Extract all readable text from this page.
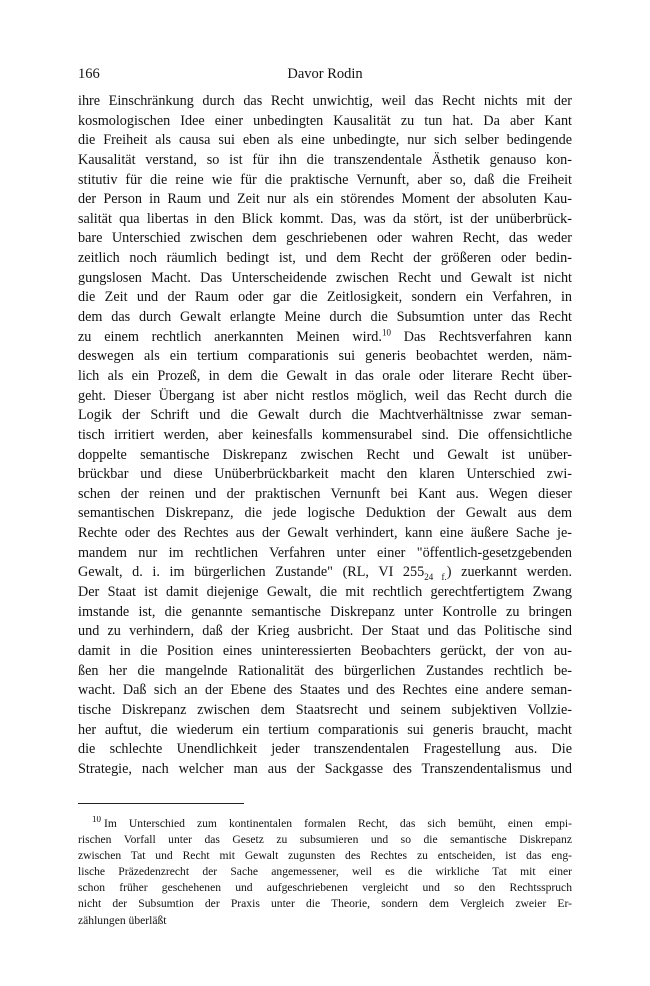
166	Davor Rodin
ihre Einschränkung durch das Recht unwichtig, weil das Recht nichts mit der
kosmologischen Idee einer unbedingten Kausalität zu tun hat. Da aber Kant
die Freiheit als causa sui eben als eine unbedingte, nur sich selber bedingende
Kausalität verstand, so ist für ihn die transzendentale Ästhetik genauso kon-
stitutiv für die reine wie für die praktische Vernunft, aber so, daß die Freiheit
der Person in Raum und Zeit nur als ein störendes Moment der absoluten Kau-
salität qua libertas in den Blick kommt. Das, was da stört, ist der unüberbrück-
bare Unterschied zwischen dem geschriebenen oder wahren Recht, das weder
zeitlich noch räumlich bedingt ist, und dem Recht der größeren oder bedin-
gungslosen Macht. Das Unterscheidende zwischen Recht und Gewalt ist nicht
die Zeit und der Raum oder gar die Zeitlosigkeit, sondern ein Verfahren, in
dem das durch Gewalt erlangte Meine durch die Subsumtion unter das Recht
zu einem rechtlich anerkannten Meinen wird.$^{10}$ Das Rechtsverfahren kann
deswegen als ein tertium comparationis sui generis beobachtet werden, näm-
lich als ein Prozeß, in dem die Gewalt in das orale oder literare Recht über-
geht. Dieser Übergang ist aber nicht restlos möglich, weil das Recht durch die
Logik der Schrift und die Gewalt durch die Machtverhältnisse zwar seman-
tisch irritiert werden, aber keinesfalls kommensurabel sind. Die offensichtliche
doppelte semantische Diskrepanz zwischen Recht und Gewalt ist unüber-
brückbar und diese Unüberbrückbarkeit macht den klaren Unterschied zwi-
schen der reinen und der praktischen Vernunft bei Kant aus. Wegen dieser
semantischen Diskrepanz, die jede logische Deduktion der Gewalt aus dem
Rechte oder des Rechtes aus der Gewalt verhindert, kann eine äußere Sache je-
mandem nur im rechtlichen Verfahren unter einer "öffentlich-gesetzgebenden
Gewalt, d. i. im bürgerlichen Zustande" (RL, VI $255_{24 f.}$) zuerkannt werden.
Der Staat ist damit diejenige Gewalt, die mit rechtlich gerechtfertigtem Zwang
imstande ist, die genannte semantische Diskrepanz unter Kontrolle zu bringen
und zu verhindern, daß der Krieg ausbricht. Der Staat und das Politische sind
damit in die Position eines uninteressierten Beobachters gerückt, der von au-
ßen her die mangelnde Rationalität des bürgerlichen Zustandes rechtlich be-
wacht. Daß sich an der Ebene des Staates und des Rechtes eine andere seman-
tische Diskrepanz zwischen dem Staatsrecht und seinem subjektiven Vollzie-
her auftut, die wiederum ein tertium comparationis sui generis braucht, macht
die schlechte Unendlichkeit jeder transzendentalen Fragestellung aus. Die
Strategie, nach welcher man aus der Sackgasse des Transzendentalismus und
$^{10}$ Im Unterschied zum kontinentalen formalen Recht, das sich bemüht, einen empi-
rischen Vorfall unter das Gesetz zu subsumieren und so die semantische Diskrepanz
zwischen Tat und Recht mit Gewalt zugunsten des Rechtes zu entscheiden, ist das eng-
lische Präzedenzrecht der Sache angemessener, weil es die wirkliche Tat mit einer
schon früher geschehenen und aufgeschriebenen vergleicht und so den Rechtsspruch
nicht der Subsumtion der Praxis unter die Theorie, sondern dem Vergleich zweier Er-
zählungen überläßt
